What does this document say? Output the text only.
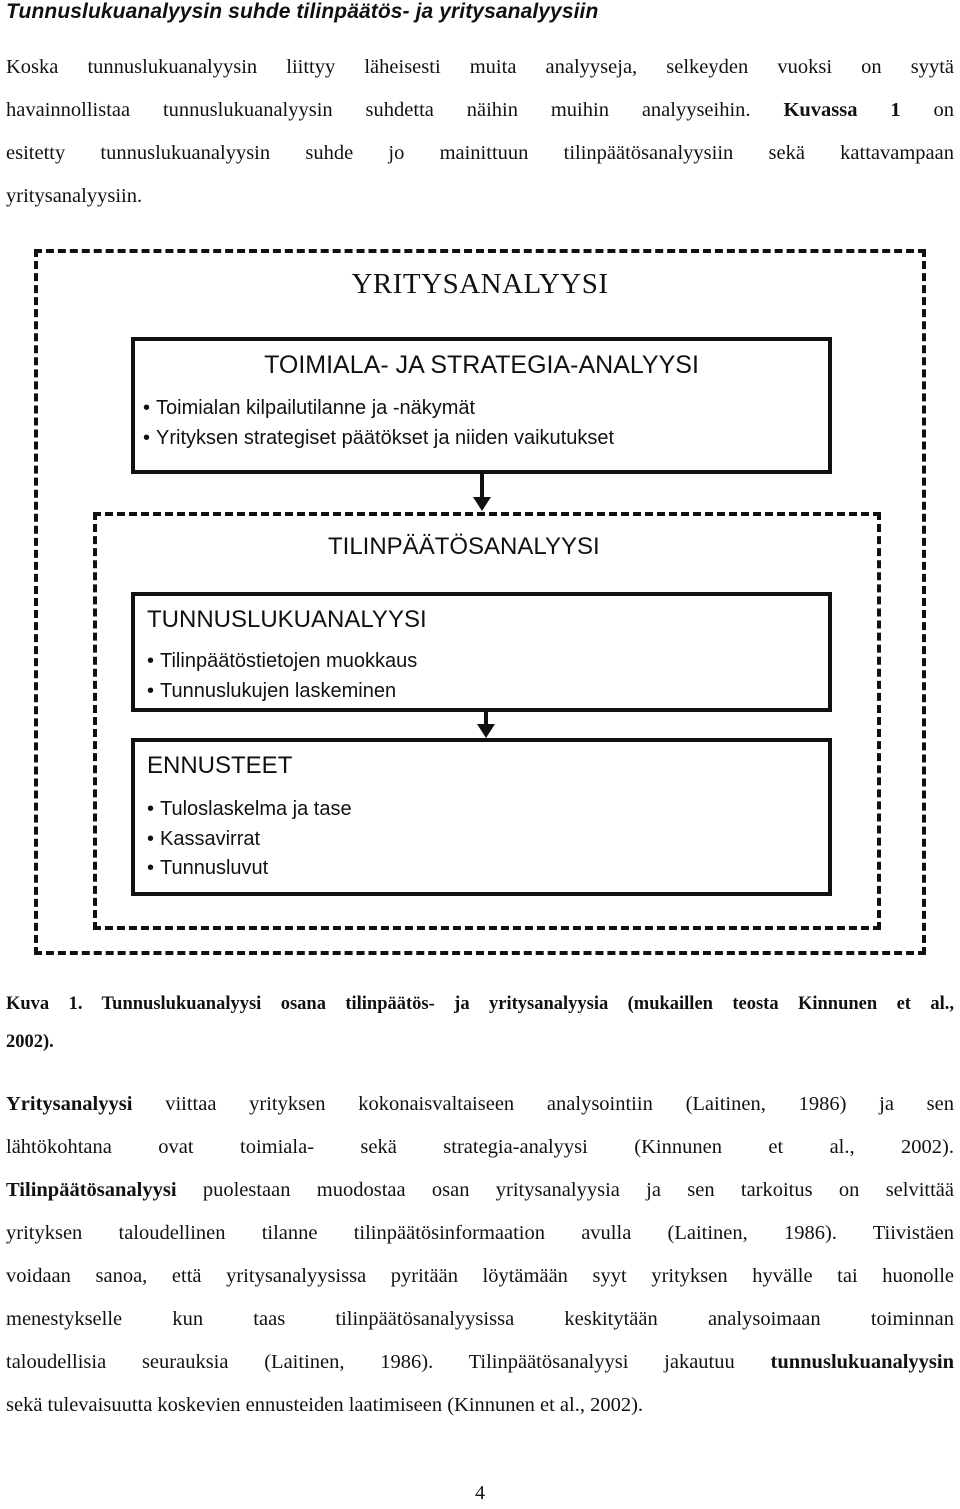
Tunnuslukuanalyysin suhde tilinpäätös- ja yritysanalyysiin
Koska tunnuslukuanalyysin liittyy läheisesti muita analyyseja, selkeyden vuoksi on syytä
havainnollistaa tunnuslukuanalyysin suhdetta näihin muihin analyyseihin. Kuvassa 1 on
esitetty tunnuslukuanalyysin suhde jo mainittuun tilinpäätösanalyysiin sekä kattavampaan
yritysanalyysiin.
YRITYSANALYYSI
TOIMIALA- JA STRATEGIA-ANALYYSI
• Toimialan kilpailutilanne ja -näkymät
• Yrityksen strategiset päätökset ja niiden vaikutukset
TILINPÄÄTÖSANALYYSI
TUNNUSLUKUANALYYSI
• Tilinpäätöstietojen muokkaus
• Tunnuslukujen laskeminen
ENNUSTEET
• Tuloslaskelma ja tase
• Kassavirrat
• Tunnusluvut
Kuva 1. Tunnuslukuanalyysi osana tilinpäätös- ja yritysanalyysia (mukaillen teosta Kinnunen et al.,
2002).
Yritysanalyysi viittaa yrityksen kokonaisvaltaiseen analysointiin (Laitinen, 1986) ja sen
lähtökohtana ovat toimiala- sekä strategia-analyysi (Kinnunen et al., 2002).
Tilinpäätösanalyysi puolestaan muodostaa osan yritysanalyysia ja sen tarkoitus on selvittää
yrityksen taloudellinen tilanne tilinpäätösinformaation avulla (Laitinen, 1986). Tiivistäen
voidaan sanoa, että yritysanalyysissa pyritään löytämään syyt yrityksen hyvälle tai huonolle
menestykselle kun taas tilinpäätösanalyysissa keskitytään analysoimaan toiminnan
taloudellisia seurauksia (Laitinen, 1986). Tilinpäätösanalyysi jakautuu tunnuslukuanalyysin
sekä tulevaisuutta koskevien ennusteiden laatimiseen (Kinnunen et al., 2002).
4
